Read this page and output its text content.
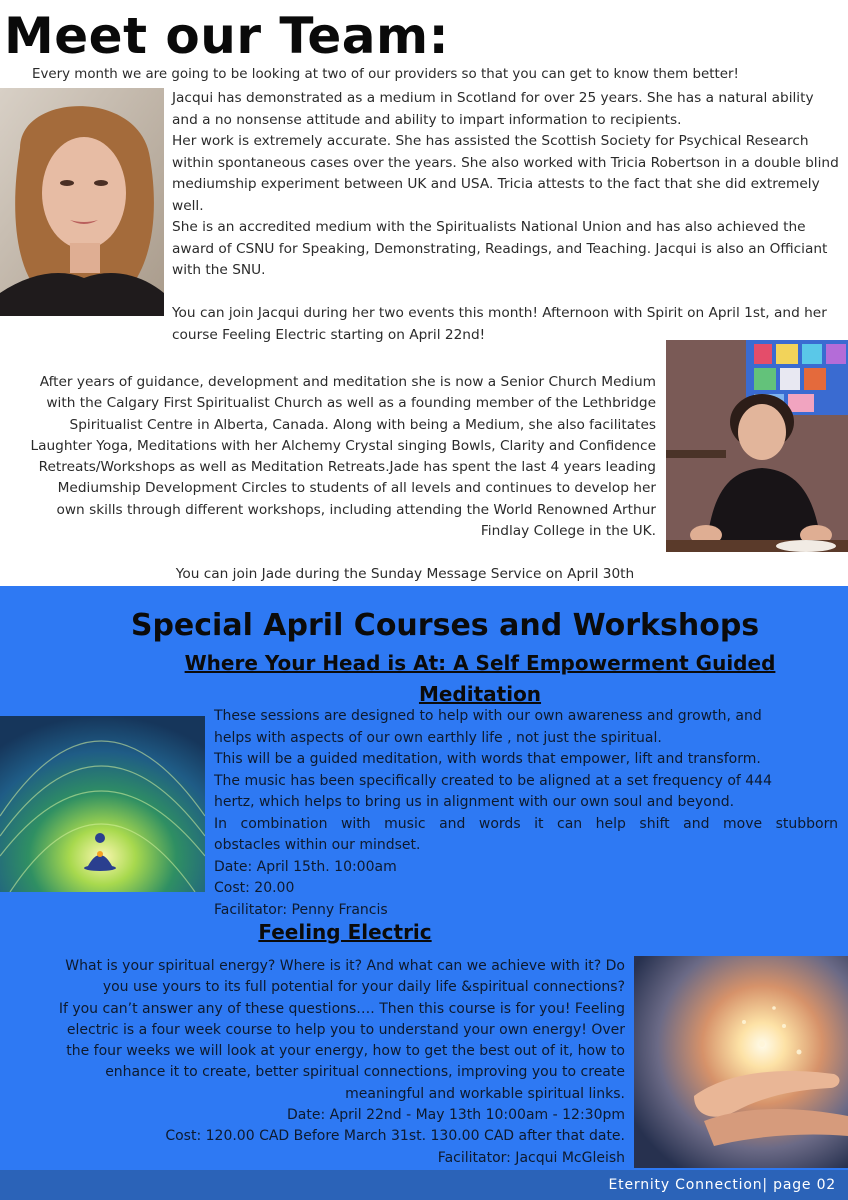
Meet our Team:
Every month we are going to be looking at two of our providers so that you can get to know them better!

Jacqui has demonstrated as a medium in Scotland for over 25 years. She has a natural ability and a no nonsense attitude and ability to impart information to recipients.

Her work is extremely accurate. She has assisted the Scottish Society for Psychical Research within spontaneous cases over the years. She also worked with Tricia Robertson in a double blind mediumship experiment between UK and USA. Tricia attests to the fact that she did extremely well.

She is an accredited medium with the Spiritualists National Union and has also achieved the award of CSNU for Speaking, Demonstrating, Readings, and Teaching. Jacqui is also an Officiant with the SNU.

You can join Jacqui during her two events this month! Afternoon with Spirit on April 1st, and her course Feeling Electric starting on April 22nd!

After years of guidance, development and meditation she is now a Senior Church Medium
with the Calgary First Spiritualist Church as well as a founding member of the Lethbridge
Spiritualist Centre in Alberta, Canada. Along with being a Medium, she also facilitates
Laughter Yoga, Meditations with her Alchemy Crystal singing Bowls, Clarity and Confidence
Retreats/Workshops as well as Meditation Retreats.Jade has spent the last 4 years leading
Mediumship Development Circles to students of all levels and continues to develop her
own skills through different workshops, including attending the World Renowned Arthur
Findlay College in the UK.
You can join Jade during the Sunday Message Service on April 30th
Special April Courses and Workshops
Where Your Head is At: A Self Empowerment Guided
Meditation

These sessions are designed to help with our own awareness and growth, and

helps with aspects of our own earthly life , not just the spiritual.

This will be a guided meditation, with words that empower, lift and transform.

The music has been specifically created to be aligned at a set frequency of 444

hertz, which helps to bring us in alignment with our own soul and beyond.

In combination with music and words it can help shift and move stubborn

obstacles within our mindset.

Date: April 15th. 10:00am

Cost: 20.00

Facilitator: Penny Francis

Feeling Electric

What is your spiritual energy? Where is it? And what can we achieve with it? Do

you use yours to its full potential for your daily life &spiritual connections?

If you can’t answer any of these questions…. Then this course is for you! Feeling

electric is a four week course to help you to understand your own energy! Over

the four weeks we will look at your energy, how to get the best out of it, how to

enhance it to create, better spiritual connections, improving you to create

meaningful and workable spiritual links.

Date: April 22nd - May 13th 10:00am - 12:30pm

Cost: 120.00 CAD Before March 31st. 130.00 CAD after that date.

Facilitator: Jacqui McGleish

Eternity Connection| page 02
